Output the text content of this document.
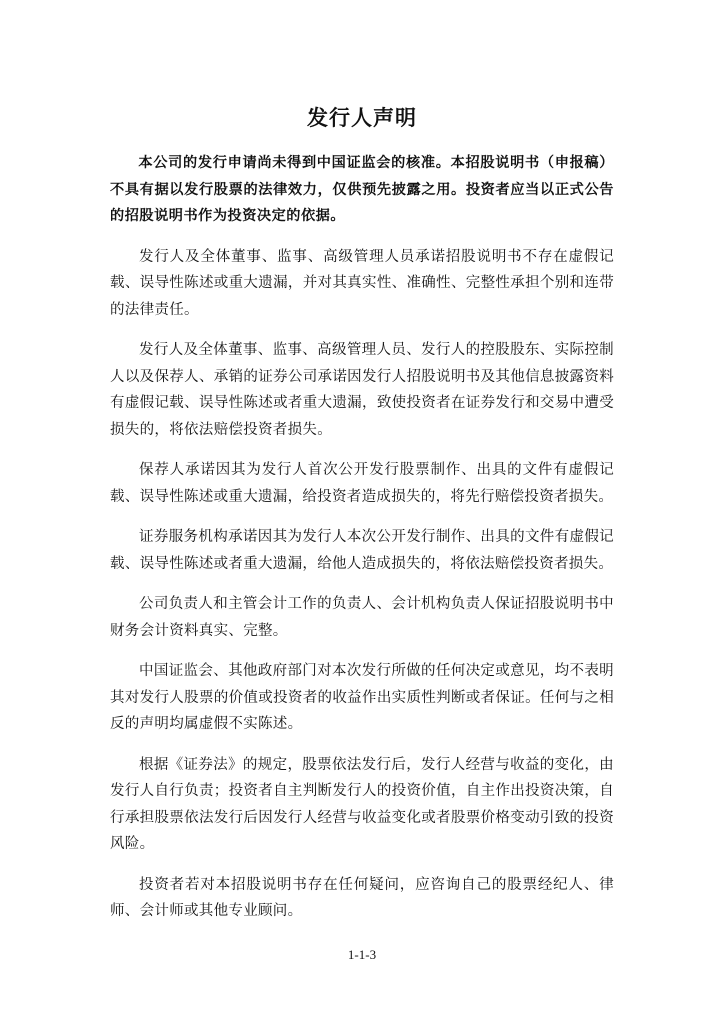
发行人声明

本公司的发行申请尚未得到中国证监会的核准。本招股说明书（申报稿）不具有据以发行股票的法律效力，仅供预先披露之用。投资者应当以正式公告的招股说明书作为投资决定的依据。

发行人及全体董事、监事、高级管理人员承诺招股说明书不存在虚假记载、误导性陈述或重大遗漏，并对其真实性、准确性、完整性承担个别和连带的法律责任。

发行人及全体董事、监事、高级管理人员、发行人的控股股东、实际控制人以及保荐人、承销的证券公司承诺因发行人招股说明书及其他信息披露资料有虚假记载、误导性陈述或者重大遗漏，致使投资者在证券发行和交易中遭受损失的，将依法赔偿投资者损失。

保荐人承诺因其为发行人首次公开发行股票制作、出具的文件有虚假记载、误导性陈述或重大遗漏，给投资者造成损失的，将先行赔偿投资者损失。

证券服务机构承诺因其为发行人本次公开发行制作、出具的文件有虚假记载、误导性陈述或者重大遗漏，给他人造成损失的，将依法赔偿投资者损失。

公司负责人和主管会计工作的负责人、会计机构负责人保证招股说明书中财务会计资料真实、完整。

中国证监会、其他政府部门对本次发行所做的任何决定或意见，均不表明其对发行人股票的价值或投资者的收益作出实质性判断或者保证。任何与之相反的声明均属虚假不实陈述。

根据《证券法》的规定，股票依法发行后，发行人经营与收益的变化，由发行人自行负责；投资者自主判断发行人的投资价值，自主作出投资决策，自行承担股票依法发行后因发行人经营与收益变化或者股票价格变动引致的投资风险。

投资者若对本招股说明书存在任何疑问，应咨询自己的股票经纪人、律师、会计师或其他专业顾问。

1-1-3
